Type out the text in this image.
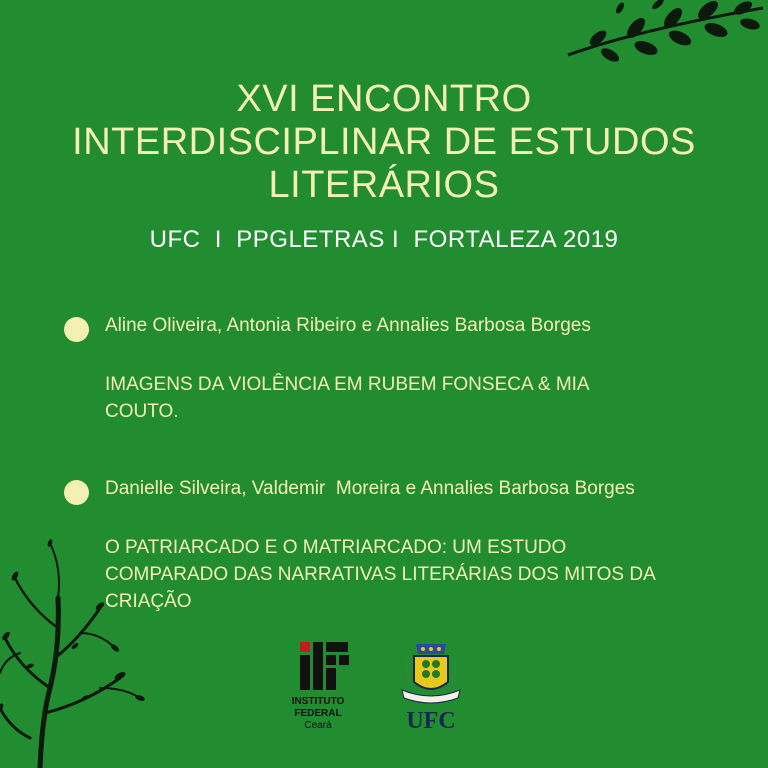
XVI ENCONTRO
INTERDISCIPLINAR DE ESTUDOS
LITERÁRIOS
UFC  I  PPGLETRAS I  FORTALEZA 2019
Aline Oliveira, Antonia Ribeiro e Annalies Barbosa Borges
IMAGENS DA VIOLÊNCIA EM RUBEM FONSECA & MIA
COUTO.
Danielle Silveira, Valdemir  Moreira e Annalies Barbosa Borges
O PATRIARCADO E O MATRIARCADO: UM ESTUDO
COMPARADO DAS NARRATIVAS LITERÁRIAS DOS MITOS DA
CRIAÇÃO
INSTITUTO
FEDERAL
Ceará	UFC
